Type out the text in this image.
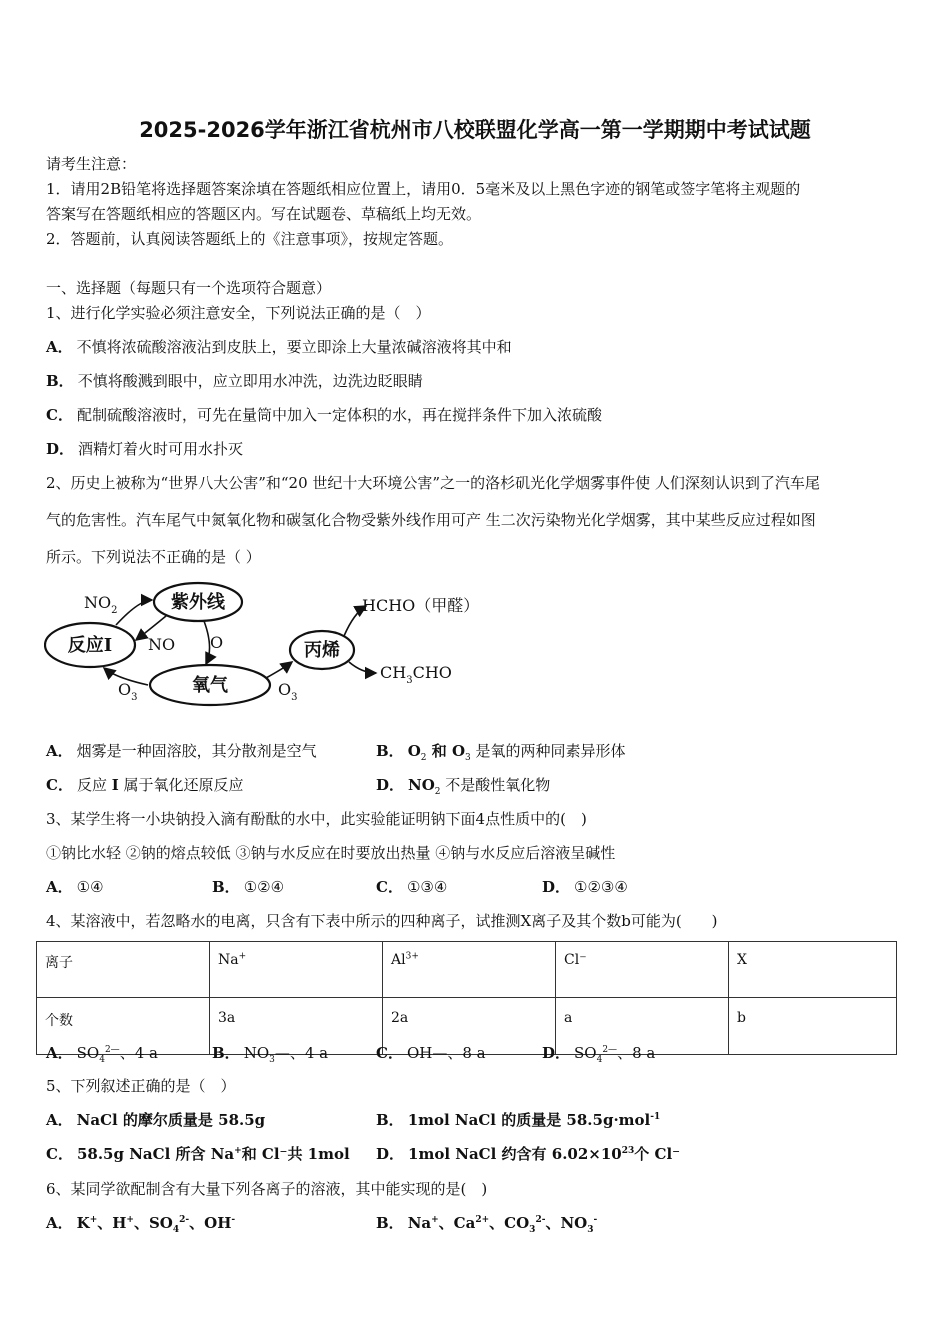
2025-2026学年浙江省杭州市八校联盟化学高一第一学期期中考试试题
请考生注意：
1．请用2B铅笔将选择题答案涂填在答题纸相应位置上，请用0．5毫米及以上黑色字迹的钢笔或签字笔将主观题的
答案写在答题纸相应的答题区内。写在试题卷、草稿纸上均无效。
2．答题前，认真阅读答题纸上的《注意事项》，按规定答题。
一、选择题（每题只有一个选项符合题意）
1、进行化学实验必须注意安全，下列说法正确的是（　）
A． 不慎将浓硫酸溶液沾到皮肤上，要立即涂上大量浓碱溶液将其中和
B． 不慎将酸溅到眼中，应立即用水冲洗，边洗边眨眼睛
C． 配制硫酸溶液时，可先在量筒中加入一定体积的水，再在搅拌条件下加入浓硫酸
D． 酒精灯着火时可用水扑灭
2、历史上被称为“世界八大公害”和“20 世纪十大环境公害”之一的洛杉矶光化学烟雾事件使 人们深刻认识到了汽车尾
气的危害性。汽车尾气中氮氧化物和碳氢化合物受紫外线作用可产 生二次污染物光化学烟雾，其中某些反应过程如图
所示。下列说法不正确的是（ ）
紫外线
反应I
氧气
丙烯
$NO_2$
NO O
$O_3$	$O_3$
HCHO（甲醛）
$CH_3CHO$
A． 烟雾是一种固溶胶，其分散剂是空气	B． $O_2$ 和 $O_3$ 是氧的两种同素异形体
C． 反应 I 属于氧化还原反应	D． $NO_2$ 不是酸性氧化物
3、某学生将一小块钠投入滴有酚酞的水中，此实验能证明钠下面4点性质中的(　)
①钠比水轻 ②钠的熔点较低 ③钠与水反应在时要放出热量 ④钠与水反应后溶液呈碱性
A． ①④	B． ①②④	C． ①③④	D． ①②③④
4、某溶液中，若忽略水的电离，只含有下表中所示的四种离子，试推测X离子及其个数b可能为(　　)
离子	Na+	$Al^{3+}$	Cl⁻	X
个数	3a	2a	a	b
A． $SO_4^{2—}$、4 a	B． $NO_3—$、4 a	C． OH—、8 a	D． $SO_4^{2—}$、8 a
5、下列叙述正确的是（　）
A． NaCl 的摩尔质量是 58.5g	B． 1mol NaCl 的质量是 58.5g·mol$^{-1}$
C． 58.5g NaCl 所含 Na+和 Cl⁻共 1mol D． 1mol NaCl 约含有 $6.02\times 10^{23}$个 Cl⁻
6、某同学欲配制含有大量下列各离子的溶液，其中能实现的是(　)
A． K+、H+、$SO_4^{2-}$、OH-	B． Na+、$Ca^{2+}$、$CO_3^{2-}$、$NO_3^-$
